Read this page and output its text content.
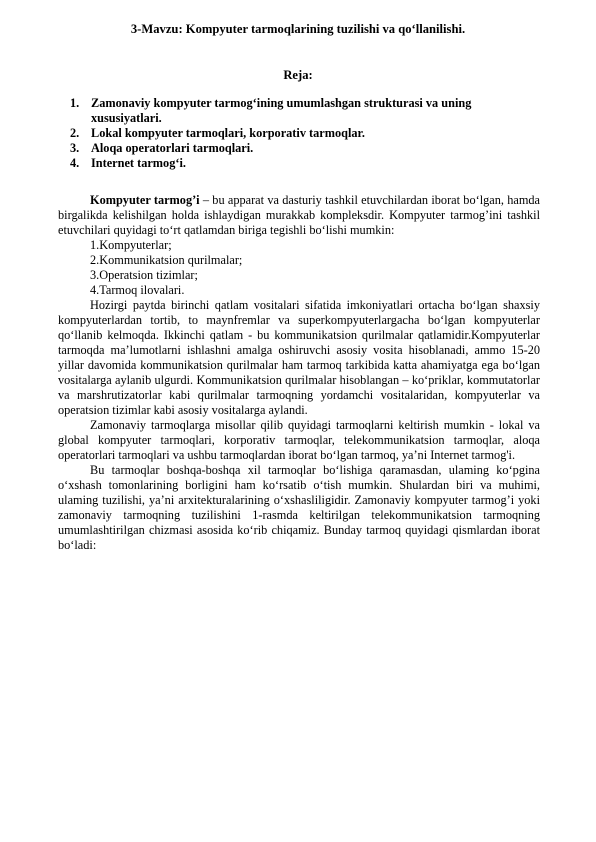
3-Mavzu: Kompyuter tarmoqlarining tuzilishi va qo‘llanilishi.
Reja:
1. Zamonaviy kompyuter tarmog‘ining umumlashgan strukturasi va uning xususiyatlari.
2. Lokal kompyuter tarmoqlari, korporativ tarmoqlar.
3. Aloqa operatorlari tarmoqlari.
4. Internet tarmog‘i.

Kompyuter tarmog’i – bu apparat va dasturiy tashkil etuvchilardan iborat bo‘lgan, hamda birgalikda kelishilgan holda ishlaydigan murakkab kompleksdir. Kompyuter tarmog’ini tashkil etuvchilari quyidagi to‘rt qatlamdan biriga tegishli bo‘lishi mumkin:

1.Kompyuterlar;

2.Kommunikatsion qurilmalar;

3.Operatsion tizimlar;

4.Tarmoq ilovalari.

Hozirgi paytda birinchi qatlam vositalari sifatida imkoniyatlari ortacha bo‘lgan shaxsiy kompyuterlardan tortib, to maynfremlar va superkompyuterlargacha bo‘lgan kompyuterlar qo‘llanib kelmoqda. Ikkinchi qatlam - bu kommunikatsion qurilmalar qatlamidir.Kompyuterlar tarmoqda ma’lumotlarni ishlashni amalga oshiruvchi asosiy vosita hisoblanadi, ammo 15-20 yillar davomida kommunikatsion qurilmalar ham tarmoq tarkibida katta ahamiyatga ega bo‘lgan vositalarga aylanib ulgurdi. Kommunikatsion qurilmalar hisoblangan – ko‘priklar, kommutatorlar va marshrutizatorlar kabi qurilmalar tarmoqning yordamchi vositalaridan, kompyuterlar va operatsion tizimlar kabi asosiy vositalarga aylandi.

Zamonaviy tarmoqlarga misollar qilib quyidagi tarmoqlarni keltirish mumkin - lokal va global kompyuter tarmoqlari, korporativ tarmoqlar, telekommunikatsion tarmoqlar, aloqa operatorlari tarmoqlari va ushbu tarmoqlardan iborat bo‘lgan tarmoq, ya’ni Internet tarmog'i.

Bu tarmoqlar boshqa-boshqa xil tarmoqlar bo‘lishiga qaramasdan, ulaming ko‘pgina o‘xshash tomonlarining borligini ham ko‘rsatib o‘tish mumkin. Shulardan biri va muhimi, ulaming tuzilishi, ya’ni arxitekturalarining o‘xshasliligidir. Zamonaviy kompyuter tarmog’i yoki zamonaviy tarmoqning tuzilishini 1-rasmda keltirilgan telekommunikatsion tarmoqning umumlashtirilgan chizmasi asosida ko‘rib chiqamiz. Bunday tarmoq quyidagi qismlardan iborat bo‘ladi:
